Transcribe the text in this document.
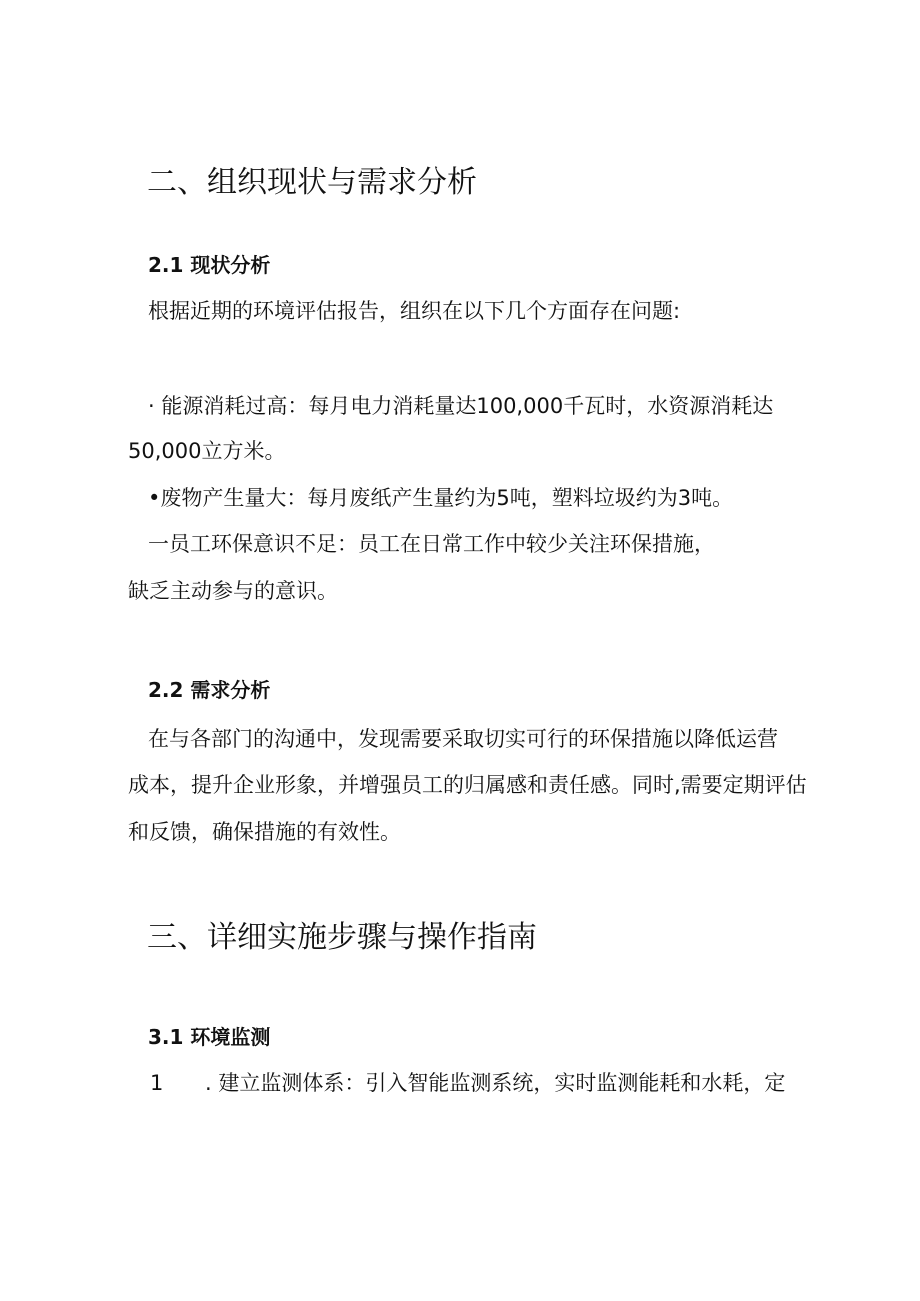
二、组织现状与需求分析
2.1 现状分析
根据近期的环境评估报告，组织在以下几个方面存在问题:
· 能源消耗过高：每月电力消耗量达100,000千瓦时，水资源消耗达
50,000立方米。
•废物产生量大：每月废纸产生量约为5吨，塑料垃圾约为3吨。
一员工环保意识不足：员工在日常工作中较少关注环保措施，
缺乏主动参与的意识。
2.2 需求分析
在与各部门的沟通中，发现需要采取切实可行的环保措施以降低运营
成本，提升企业形象，并增强员工的归属感和责任感。同时,需要定期评估
和反馈，确保措施的有效性。
三、详细实施步骤与操作指南
3.1 环境监测
1 . 建立监测体系：引入智能监测系统，实时监测能耗和水耗，定
